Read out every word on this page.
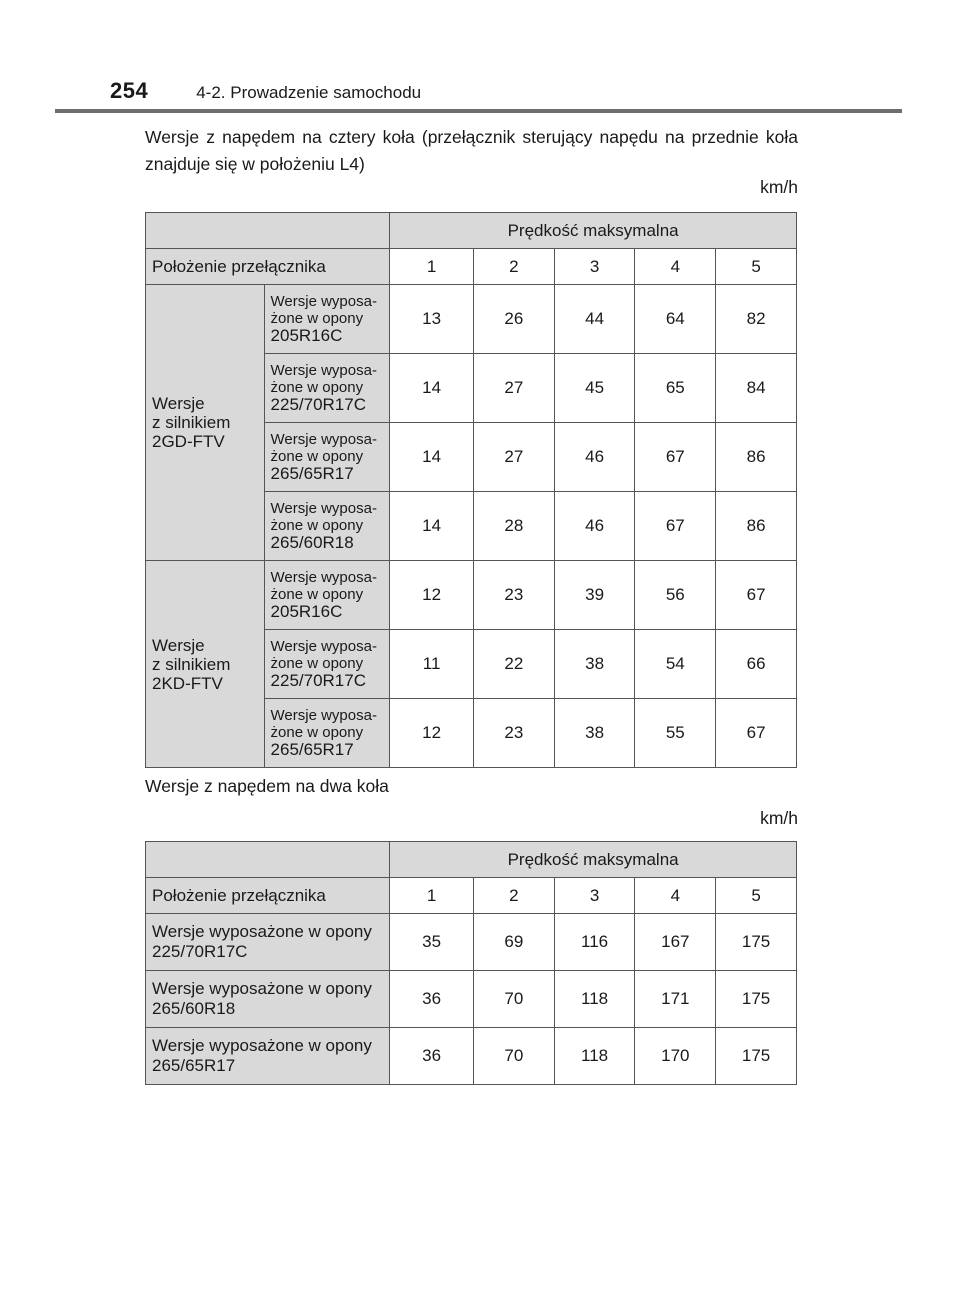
254	4-2. Prowadzenie samochodu
Wersje z napędem na cztery koła (przełącznik sterujący napędu na przednie koła znajduje się w położeniu L4)
km/h
		Prędkość maksymalna				
Położenie przełącznika		1	2	3	4	5
Wersje
z silnikiem
2GD-FTV	Wersje wyposa-
żone w opony
205R16C	13	26	44	64	82
	Wersje wyposa-
żone w opony
225/70R17C	14	27	45	65	84
	Wersje wyposa-
żone w opony
265/65R17	14	27	46	67	86
	Wersje wyposa-
żone w opony
265/60R18	14	28	46	67	86
Wersje
z silnikiem
2KD-FTV	Wersje wyposa-
żone w opony
205R16C	12	23	39	56	67
	Wersje wyposa-
żone w opony
225/70R17C	11	22	38	54	66
	Wersje wyposa-
żone w opony
265/65R17	12	23	38	55	67
Wersje z napędem na dwa koła
km/h
	Prędkość maksymalna				
Położenie przełącznika	1	2	3	4	5
Wersje wyposażone w opony
225/70R17C	35	69	116	167	175
Wersje wyposażone w opony
265/60R18	36	70	118	171	175
Wersje wyposażone w opony
265/65R17	36	70	118	170	175
